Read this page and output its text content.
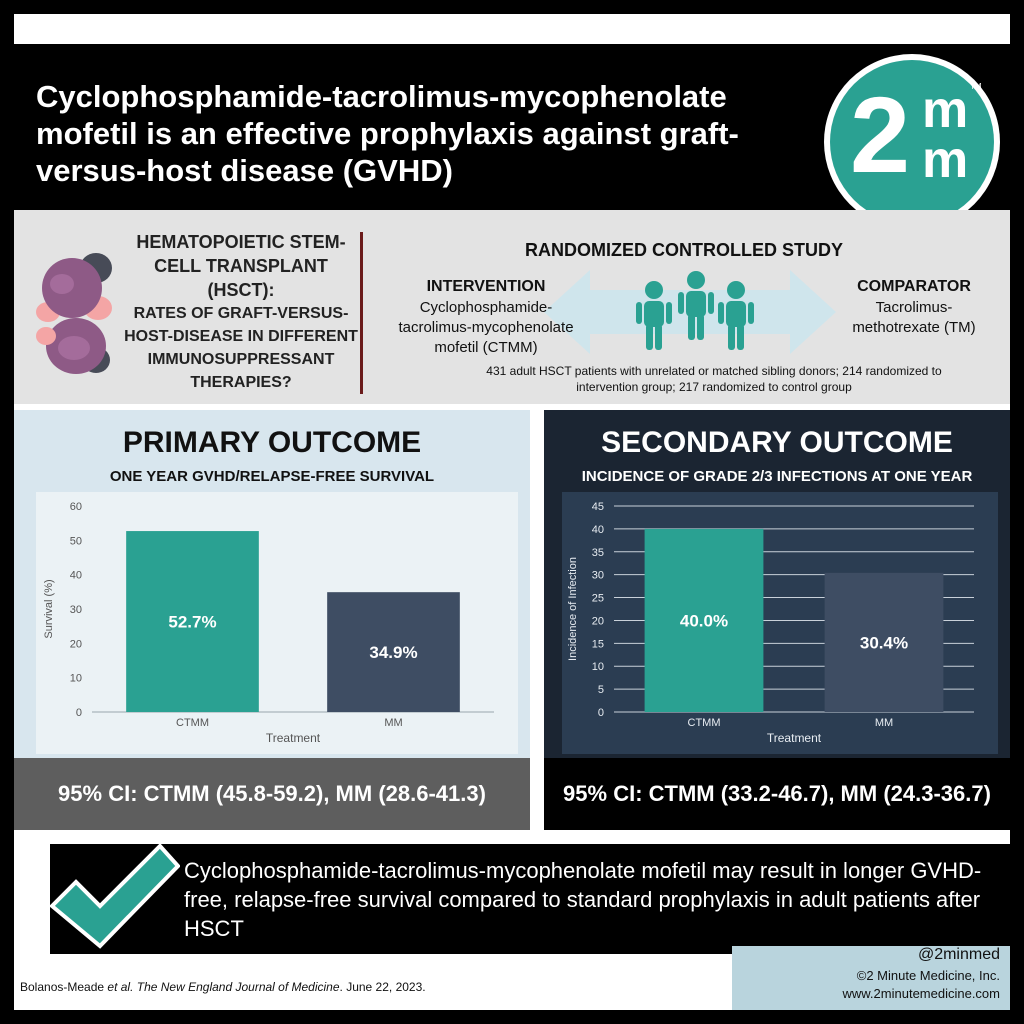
Cyclophosphamide-tacrolimus-mycophenolate mofetil is an effective prophylaxis against graft-versus-host disease (GVHD)	2 m
m
TM
HEMATOPOIETIC STEM-CELL TRANSPLANT (HSCT):
RATES OF GRAFT-VERSUS-HOST-DISEASE IN DIFFERENT IMMUNOSUPPRESSANT THERAPIES?
RANDOMIZED CONTROLLED STUDY
INTERVENTION
Cyclophosphamide-tacrolimus-mycophenolate mofetil (CTMM)
COMPARATOR
Tacrolimus-methotrexate (TM)
431 adult HSCT patients with unrelated or matched sibling donors; 214 randomized to intervention group; 217 randomized to control group
PRIMARY OUTCOME
ONE YEAR GVHD/RELAPSE-FREE SURVIVAL
0
10
20
30
40
50
60
52.7%
CTMM
34.9%
MM
Treatment
Survival (%)
95% CI: CTMM (45.8-59.2), MM (28.6-41.3)
SECONDARY OUTCOME
INCIDENCE OF GRADE 2/3 INFECTIONS AT ONE YEAR
0
5
10
15
20
25
30
35
40
45
40.0%
CTMM
30.4%
MM
Treatment
Incidence of Infection
95% CI: CTMM (33.2-46.7), MM (24.3-36.7)
Cyclophosphamide-tacrolimus-mycophenolate mofetil may result in longer GVHD-free, relapse-free survival compared to standard prophylaxis in adult patients after HSCT
Bolanos-Meade et al. The New England Journal of Medicine. June 22, 2023.
@2minmed
©2 Minute Medicine, Inc.
www.2minutemedicine.com
